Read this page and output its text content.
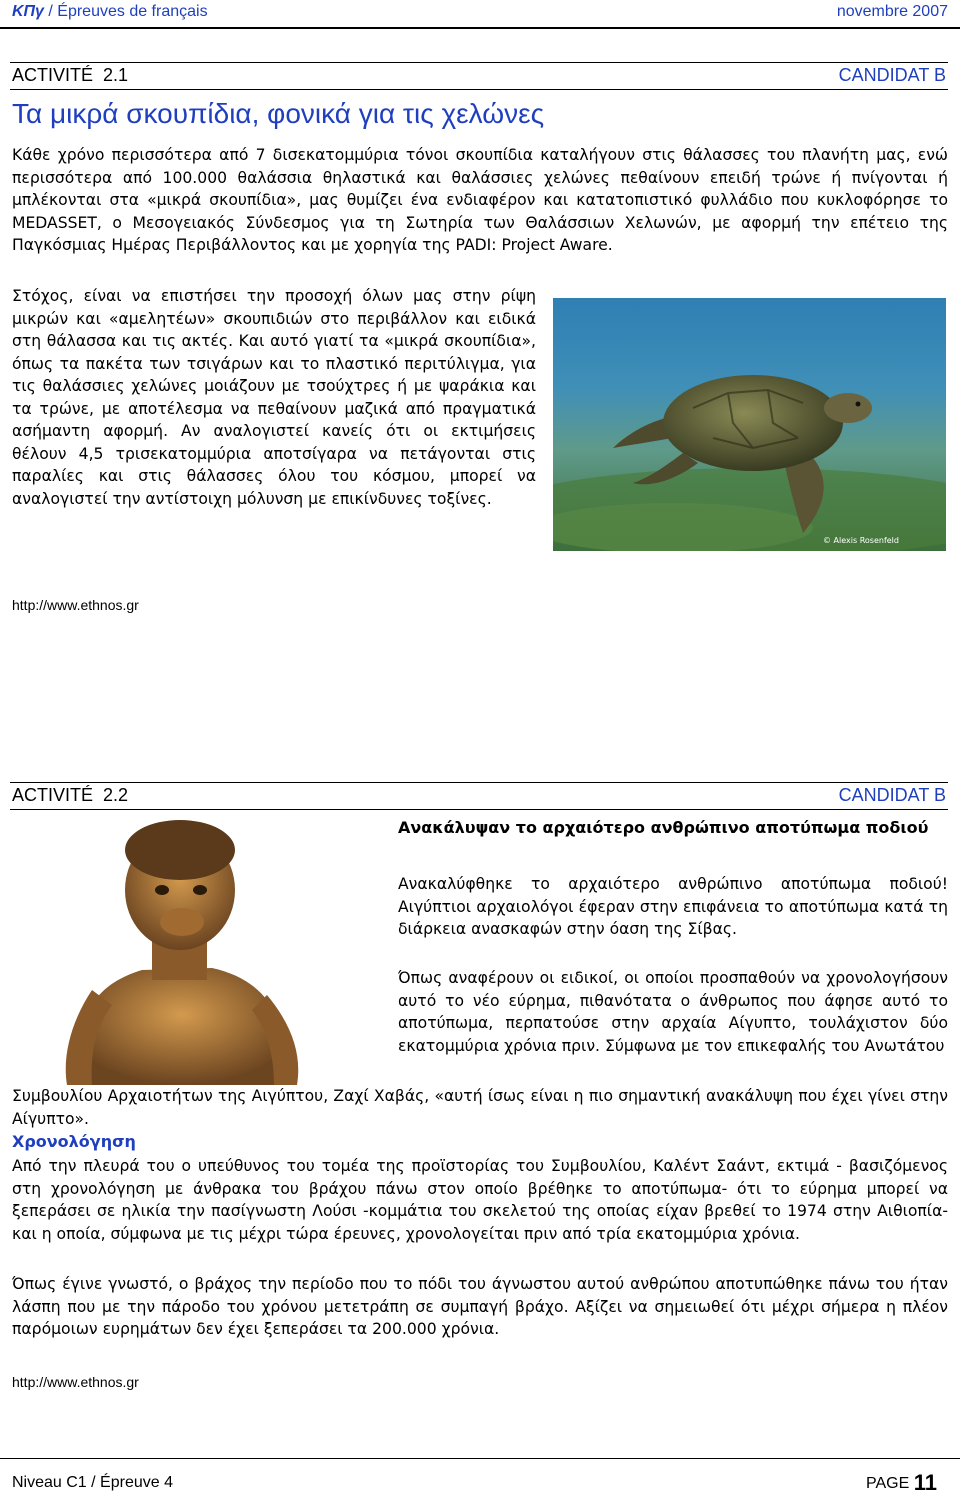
ΚΠγ / Épreuves de français	novembre 2007
ACTIVITÉ  2.1	CANDIDAT B
Τα μικρά σκουπίδια, φονικά για τις χελώνες
Κάθε χρόνο περισσότερα από 7 δισεκατομμύρια τόνοι σκουπίδια καταλήγουν στις θάλασσες του πλανήτη μας, ενώ περισσότερα από 100.000 θαλάσσια θηλαστικά και θαλάσσιες χελώνες πεθαίνουν επειδή τρώνε ή πνίγονται ή μπλέκονται στα «μικρά σκουπίδια», μας θυμίζει ένα ενδιαφέρον και κατατοπιστικό φυλλάδιο που κυκλοφόρησε το MEDASSET, ο Μεσογειακός Σύνδεσμος για τη Σωτηρία των Θαλάσσιων Χελωνών, με αφορμή την επέτειο της Παγκόσμιας Ημέρας Περιβάλλοντος και με χορηγία της PADI: Project Aware.
Στόχος, είναι να επιστήσει την προσοχή όλων μας στην ρίψη μικρών και «αμελητέων» σκουπιδιών στο περιβάλλον και ειδικά στη θάλασσα και τις ακτές. Και αυτό γιατί τα «μικρά σκουπίδια», όπως τα πακέτα των τσιγάρων και το πλαστικό περιτύλιγμα, για τις θαλάσσιες χελώνες μοιάζουν με τσούχτρες ή με ψαράκια και τα τρώνε, με αποτέλεσμα να πεθαίνουν μαζικά από πραγματικά ασήμαντη αφορμή. Αν αναλογιστεί κανείς ότι οι εκτιμήσεις θέλουν 4,5 τρισεκατομμύρια αποτσίγαρα να πετάγονται στις παραλίες και στις θάλασσες όλου του κόσμου, μπορεί να αναλογιστεί την αντίστοιχη μόλυνση με επικίνδυνες τοξίνες.
http://www.ethnos.gr
© Alexis Rosenfeld
ACTIVITÉ  2.2	CANDIDAT B
Ανακάλυψαν το αρχαιότερο ανθρώπινο αποτύπωμα ποδιού
Ανακαλύφθηκε το αρχαιότερο ανθρώπινο αποτύπωμα ποδιού! Αιγύπτιοι αρχαιολόγοι έφεραν στην επιφάνεια το αποτύπωμα κατά τη διάρκεια ανασκαφών στην όαση της Σίβας.
Όπως αναφέρουν οι ειδικοί, οι οποίοι προσπαθούν να χρονολογήσουν αυτό το νέο εύρημα, πιθανότατα ο άνθρωπος που άφησε αυτό το αποτύπωμα, περπατούσε στην αρχαία Αίγυπτο, τουλάχιστον δύο εκατομμύρια χρόνια πριν. Σύμφωνα με τον επικεφαλής του Ανωτάτου
Συμβουλίου Αρχαιοτήτων της Αιγύπτου, Ζαχί Χαβάς, «αυτή ίσως είναι η πιο σημαντική ανακάλυψη που έχει γίνει στην Αίγυπτο».
Χρονολόγηση
Από την πλευρά του ο υπεύθυνος του τομέα της προϊστορίας του Συμβουλίου, Καλέντ Σαάντ, εκτιμά - βασιζόμενος στη χρονολόγηση με άνθρακα του βράχου πάνω στον οποίο βρέθηκε το αποτύπωμα- ότι το εύρημα μπορεί να ξεπεράσει σε ηλικία την πασίγνωστη Λούσι -κομμάτια του σκελετού της οποίας είχαν βρεθεί το 1974 στην Αιθιοπία- και η οποία, σύμφωνα με τις μέχρι τώρα έρευνες, χρονολογείται πριν από τρία εκατομμύρια χρόνια.
Όπως έγινε γνωστό, ο βράχος την περίοδο που το πόδι του άγνωστου αυτού ανθρώπου αποτυπώθηκε πάνω του ήταν λάσπη που με την πάροδο του χρόνου μετετράπη σε συμπαγή βράχο. Αξίζει να σημειωθεί ότι μέχρι σήμερα η πλέον παρόμοιων ευρημάτων δεν έχει ξεπεράσει τα 200.000 χρόνια.
http://www.ethnos.gr
Niveau C1 / Épreuve 4	PAGE 11
